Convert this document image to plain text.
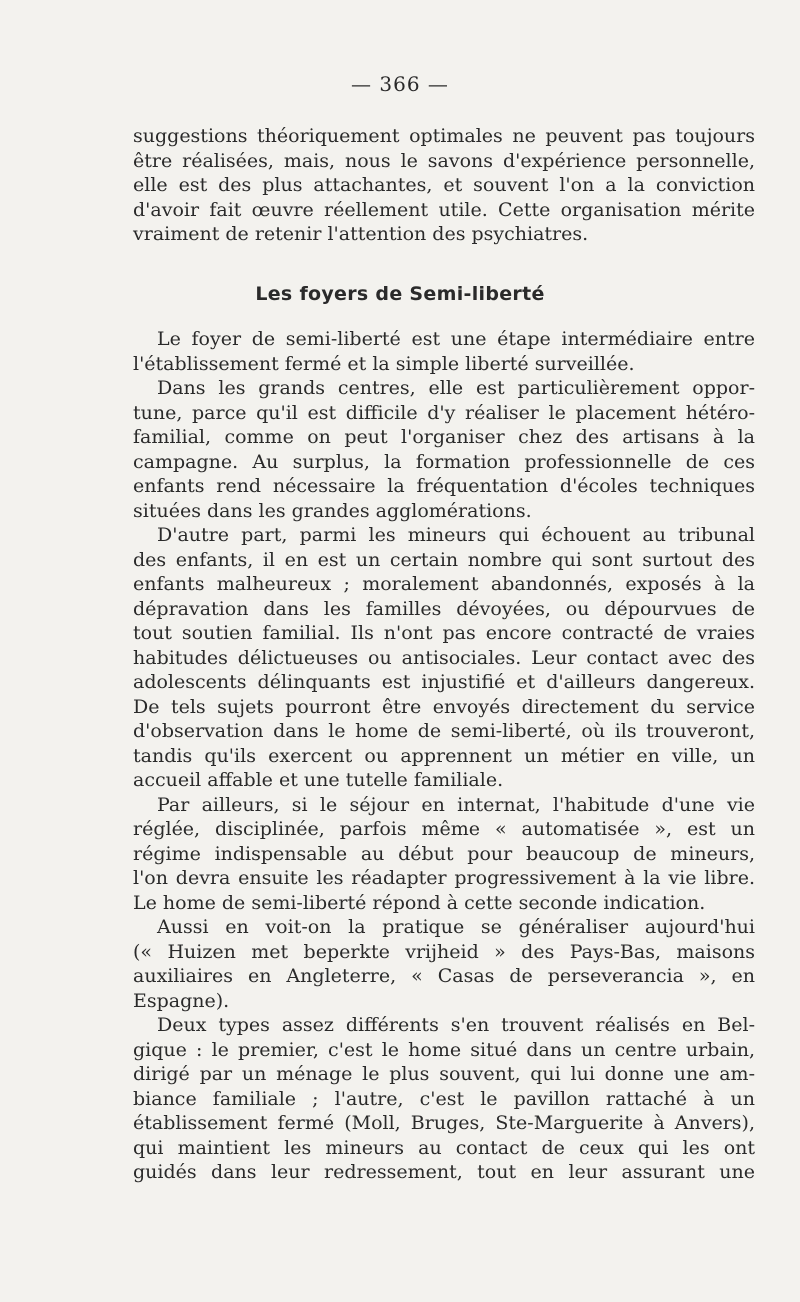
— 366 —
suggestions théoriquement optimales ne peuvent pas toujours
être réalisées, mais, nous le savons d'expérience personnelle,
elle est des plus attachantes, et souvent l'on a la conviction
d'avoir fait œuvre réellement utile. Cette organisation mérite
vraiment de retenir l'attention des psychiatres.
Les foyers de Semi-liberté
Le foyer de semi-liberté est une étape intermédiaire entre
l'établissement fermé et la simple liberté surveillée.
Dans les grands centres, elle est particulièrement oppor-
tune, parce qu'il est difficile d'y réaliser le placement hétéro-
familial, comme on peut l'organiser chez des artisans à la
campagne. Au surplus, la formation professionnelle de ces
enfants rend nécessaire la fréquentation d'écoles techniques
situées dans les grandes agglomérations.
D'autre part, parmi les mineurs qui échouent au tribunal
des enfants, il en est un certain nombre qui sont surtout des
enfants malheureux ; moralement abandonnés, exposés à la
dépravation dans les familles dévoyées, ou dépourvues de
tout soutien familial. Ils n'ont pas encore contracté de vraies
habitudes délictueuses ou antisociales. Leur contact avec des
adolescents délinquants est injustifié et d'ailleurs dangereux.
De tels sujets pourront être envoyés directement du service
d'observation dans le home de semi-liberté, où ils trouveront,
tandis qu'ils exercent ou apprennent un métier en ville, un
accueil affable et une tutelle familiale.
Par ailleurs, si le séjour en internat, l'habitude d'une vie
réglée, disciplinée, parfois même « automatisée », est un
régime indispensable au début pour beaucoup de mineurs,
l'on devra ensuite les réadapter progressivement à la vie libre.
Le home de semi-liberté répond à cette seconde indication.
Aussi en voit-on la pratique se généraliser aujourd'hui
(« Huizen met beperkte vrijheid » des Pays-Bas, maisons
auxiliaires en Angleterre, « Casas de perseverancia », en
Espagne).
Deux types assez différents s'en trouvent réalisés en Bel-
gique : le premier, c'est le home situé dans un centre urbain,
dirigé par un ménage le plus souvent, qui lui donne une am-
biance familiale ; l'autre, c'est le pavillon rattaché à un
établissement fermé (Moll, Bruges, Ste-Marguerite à Anvers),
qui maintient les mineurs au contact de ceux qui les ont
guidés dans leur redressement, tout en leur assurant une
